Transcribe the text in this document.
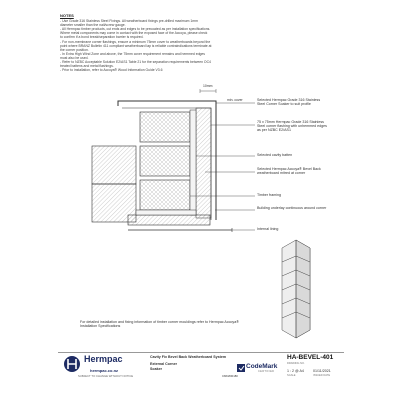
NOTES
- Use Grade 316 Stainless Steel Fixings. All weatherboard fixings pre-drilled maximum 1mm
diameter smaller than the nail/screw gauge.
- All Hermpac timber products, cut ends and edges to be precoated as per installation specifications.
Where metal components may come in contact with the exposed face of the Accoya, please check
to confirm if a bond break/separation barrier is required.
- For non-membrane corner flashings, ensure a minimum 75mm cover to weatherboards beyond the
point where BRANZ Bulletin 411 compliant weatherboard lap is reliable contraindications terminate at
the corner position.
- In Extra High Wind Zone and above, the 75mm cover requirement remains and hemmed edges
must also be used.
- Refer to NZBC Acceptable Solution E2/AS1 Table 21 for the separation requirements between OC4
treated battens and metal flashings.
- Prior to installation, refer to Accoya® Wood Information Guide V3.6
10mm
min. cover	Selected Hermpac Grade 316 Stainless Steel Corner Soaker to suit profile
75 x 75mm Hermpac Grade 316 Stainless Steel corner flashing with unhemmed edges as per NZBC E2/AS1
Selected cavity batten
Selected Hermpac Accoya® Bevel Back weatherboard mitred at corner
Timber framing
Building underlay continuous around corner
Internal lining
For detailed installation and fixing information of timber corner mouldings refer to Hermpac Accoya® Installation Specifications
Hermpac
hermpac.co.nz
SUBJECT TO CHANGE WITHOUT NOTICE
Cavity Fix Bevel Back Weatherboard System
External Corner
Soaker
CMNZ00180
CodeMark
CERTIFIED
HA-BEVEL-401
DRAWING NO.
1 : 2 @ A4
SCALE
01/11/2021
ISSUED DATE
